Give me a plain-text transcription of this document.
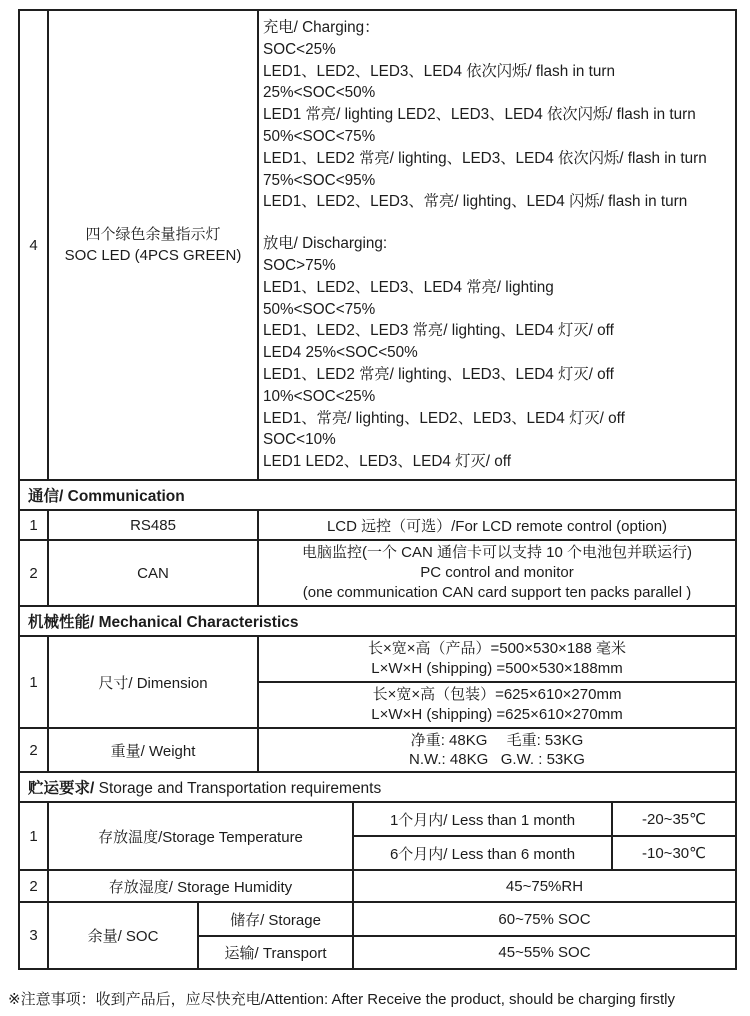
4	
四个绿色余量指示灯
SOC LED (4PCS GREEN)

充电/ Charging：
SOC<25%
LED1、LED2、LED3、LED4 依次闪烁/ flash in turn
25%<SOC<50%
LED1 常亮/ lighting LED2、LED3、LED4 依次闪烁/ flash in turn
50%<SOC<75%
LED1、LED2 常亮/ lighting、LED3、LED4 依次闪烁/ flash in turn
75%<SOC<95%
LED1、LED2、LED3、常亮/ lighting、LED4 闪烁/ flash in turn
放电/ Discharging:
SOC>75%
LED1、LED2、LED3、LED4 常亮/ lighting
50%<SOC<75%
LED1、LED2、LED3 常亮/ lighting、LED4 灯灭/ off
LED4 25%<SOC<50%
LED1、LED2 常亮/ lighting、LED3、LED4 灯灭/ off
10%<SOC<25%
LED1、常亮/ lighting、LED2、LED3、LED4 灯灭/ off
SOC<10%
LED1 LED2、LED3、LED4 灯灭/ off

通信/ Communication					
1	RS485		LCD 远控（可选）/For LCD remote control (option)		
2	CAN		电脑监控(一个 CAN 通信卡可以支持 10 个电池包并联运行)
PC control and monitor
(one communication CAN card support ten packs parallel )		

机械性能/ Mechanical Characteristics					
1	尺寸/ Dimension		长×宽×高（产品）=500×530×188 毫米
L×W×H (shipping) =500×530×188mm		

			长×宽×高（包装）=625×610×270mm
L×W×H (shipping) =625×610×270mm		

2	重量/ Weight		净重: 48KG　 毛重: 53KG
N.W.: 48KG   G.W. : 53KG		

贮运要求/ Storage and Transportation requirements					
1	存放温度/Storage Temperature			1个月内/ Less than 1 month	-20~35℃
				6个月内/ Less than 6 month	-10~30℃
2	存放湿度/ Storage Humidity			45~75%RH	
3	余量/ SOC	储存/ Storage		60~75% SOC	
		运输/ Transport		45~55% SOC	
※注意事项：收到产品后，应尽快充电/Attention: After Receive the product, should be charging firstly
